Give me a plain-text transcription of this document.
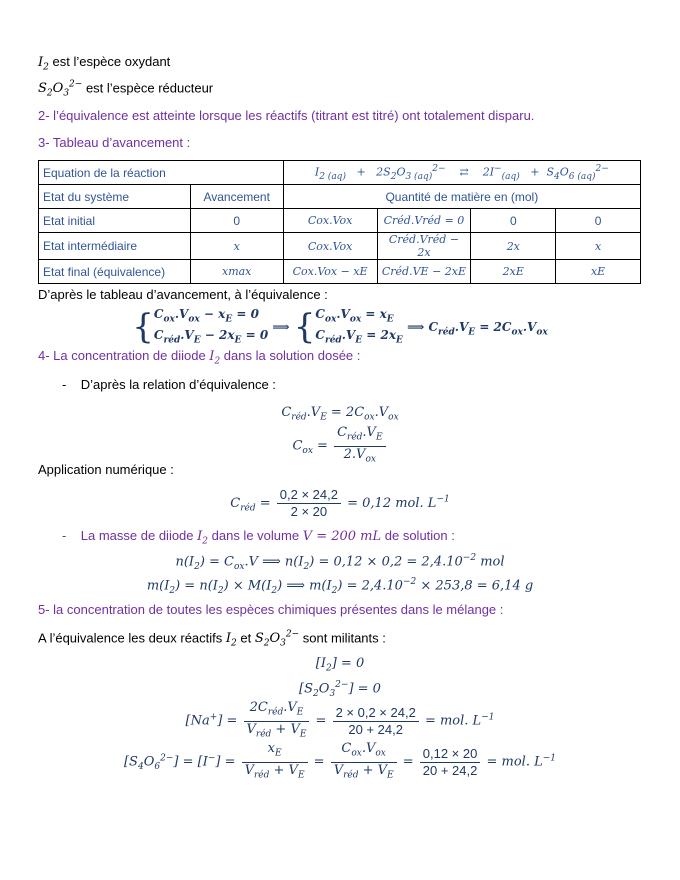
$I_2$ est l’espèce oxydant
$S_2O_3^{2-}$ est l’espèce réducteur
2- l’équivalence est atteinte lorsque les réactifs (titrant est titré) ont totalement disparu.
3- Tableau d’avancement :
Equation de la réaction		$I_{2 (aq)} + 2S_2O_{3 (aq)}^{2-}$    ⇄    $2I^-_{(aq)} + S_4O_{6 (aq)}^{2-}$
Etat du système	Avancement	Quantité de matière en (mol)			
Etat initial	0	Cox.Vox	Créd.Vréd = 0	0	0
Etat intermédiaire	x	Cox.Vox	Créd.Vréd − 2x	2x	x
Etat final (équivalence)	xmax	Cox.Vox − xE	Créd.VE − 2xE	2xE	xE
D’après le tableau d’avancement, à l’équivalence :
{$C_{ox}.V_{ox} - x_E = 0$
$C_{réd}.V_E - 2x_E = 0$ ⟹ {$C_{ox}.V_{ox} = x_E$
$C_{réd}.V_E = 2x_E$ ⟹ $C_{réd}.V_E = 2C_{ox}.V_{ox}$
4- La concentration de diiode $I_2$ dans la solution dosée :
-    D’après la relation d’équivalence :
$C_{réd}.V_E = 2C_{ox}.V_{ox}$
$C_{ox} = \frac{C_{réd}.V_E}{2.V_{ox}}$
Application numérique :
$C_{réd} = \frac{0,2 \times 24,2}{2 \times 20} = 0,12$ mol. $L^{-1}$
-    La masse de diiode $I_2$ dans le volume V = 200 mL de solution :
$n(I_2) = C_{ox}.V$ ⟹ $n(I_2) = 0,12 \times 0,2 = 2,4.10^{-2}$ mol
$m(I_2) = n(I_2) \times M(I_2)$ ⟹ $m(I_2) = 2,4.10^{-2} \times 253,8 = 6,14$ g
5- la concentration de toutes les espèces chimiques présentes dans le mélange :
A l’équivalence les deux réactifs $I_2$ et $S_2O_3^{2-}$ sont militants :
$[I_2] = 0$
$[S_2O_3^{2-}] = 0$
$[Na^+] = \frac{2C_{réd}.V_E}{V_{réd} + V_E} = \frac{2 \times 0,2 \times 24,2}{20 + 24,2}$ = mol. $L^{-1}$
$[S_4O_6^{2-}] = [I^-] = \frac{x_E}{V_{réd} + V_E} = \frac{C_{ox}.V_{ox}}{V_{réd} + V_E} = \frac{0,12 \times 20}{20 + 24,2}$ = mol. $L^{-1}$
